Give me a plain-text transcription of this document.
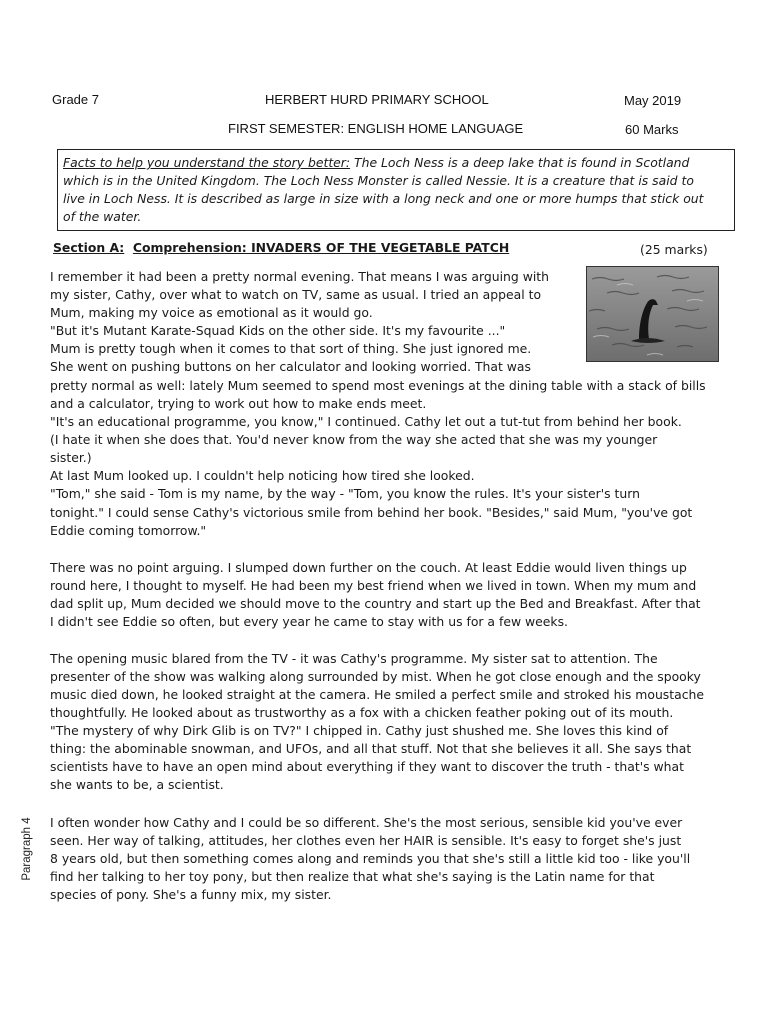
Grade 7	HERBERT HURD PRIMARY SCHOOL	May 2019
FIRST SEMESTER: ENGLISH HOME LANGUAGE	60 Marks
Facts to help you understand the story better: The Loch Ness is a deep lake that is found in Scotland
which is in the United Kingdom. The Loch Ness Monster is called Nessie. It is a creature that is said to
live in Loch Ness. It is described as large in size with a long neck and one or more humps that stick out
of the water.
Section A: Comprehension: INVADERS OF THE VEGETABLE PATCH	(25 marks)
Paragraph 4
I remember it had been a pretty normal evening. That means I was arguing with
my sister, Cathy, over what to watch on TV, same as usual. I tried an appeal to
Mum, making my voice as emotional as it would go.
"But it's Mutant Karate-Squad Kids on the other side. It's my favourite ..."
Mum is pretty tough when it comes to that sort of thing. She just ignored me.
She went on pushing buttons on her calculator and looking worried. That was
pretty normal as well: lately Mum seemed to spend most evenings at the dining table with a stack of bills
and a calculator, trying to work out how to make ends meet.
"It's an educational programme, you know," I continued. Cathy let out a tut-tut from behind her book.
(I hate it when she does that. You'd never know from the way she acted that she was my younger
sister.)
At last Mum looked up. I couldn't help noticing how tired she looked.
"Tom," she said - Tom is my name, by the way - "Tom, you know the rules. It's your sister's turn
tonight." I could sense Cathy's victorious smile from behind her book. "Besides," said Mum, "you've got
Eddie coming tomorrow."
There was no point arguing. I slumped down further on the couch. At least Eddie would liven things up
round here, I thought to myself. He had been my best friend when we lived in town. When my mum and
dad split up, Mum decided we should move to the country and start up the Bed and Breakfast. After that
I didn't see Eddie so often, but every year he came to stay with us for a few weeks.
The opening music blared from the TV - it was Cathy's programme. My sister sat to attention. The
presenter of the show was walking along surrounded by mist. When he got close enough and the spooky
music died down, he looked straight at the camera. He smiled a perfect smile and stroked his moustache
thoughtfully. He looked about as trustworthy as a fox with a chicken feather poking out of its mouth.
"The mystery of why Dirk Glib is on TV?" I chipped in. Cathy just shushed me. She loves this kind of
thing: the abominable snowman, and UFOs, and all that stuff. Not that she believes it all. She says that
scientists have to have an open mind about everything if they want to discover the truth - that's what
she wants to be, a scientist.
I often wonder how Cathy and I could be so different. She's the most serious, sensible kid you've ever
seen. Her way of talking, attitudes, her clothes even her HAIR is sensible. It's easy to forget she's just
8 years old, but then something comes along and reminds you that she's still a little kid too - like you'll
find her talking to her toy pony, but then realize that what she's saying is the Latin name for that
species of pony. She's a funny mix, my sister.
